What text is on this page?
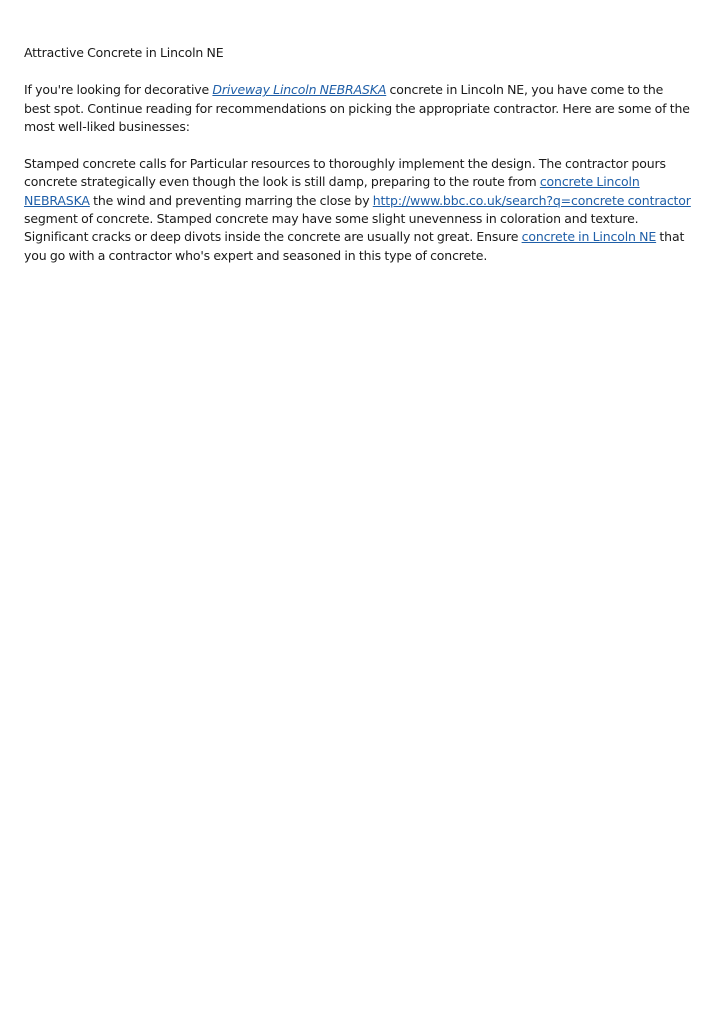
Attractive Concrete in Lincoln NE

If you're looking for decorative Driveway Lincoln NEBRASKA concrete in Lincoln NE, you have come to the best spot. Continue reading for recommendations on picking the appropriate contractor. Here are some of the most well-liked businesses:

Stamped concrete calls for Particular resources to thoroughly implement the design. The contractor pours concrete strategically even though the look is still damp, preparing to the route from concrete Lincoln NEBRASKA the wind and preventing marring the close by http://www.bbc.co.uk/search?q=concrete contractor segment of concrete. Stamped concrete may have some slight unevenness in coloration and texture. Significant cracks or deep divots inside the concrete are usually not great. Ensure concrete in Lincoln NE that you go with a contractor who's expert and seasoned in this type of concrete.
